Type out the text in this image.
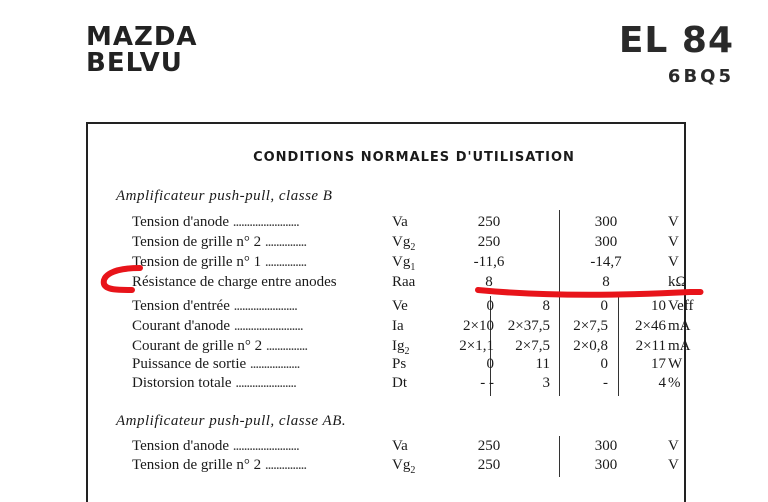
MAZDA
BELVU
EL 84
6BQ5
CONDITIONS NORMALES D'UTILISATION
Amplificateur push-pull, classe B
Tension d'anode ........................	Va	250	300	V
Tension de grille n° 2 ...............	$Vg_2$	250	300	V
Tension de grille n° 1 ...............	$Vg_1$	-11,6	-14,7	V
Résistance de charge entre anodes	Raa	8	8	kΩ
Tension d'entrée .......................	Ve	0	8	0	10 Veff
Courant d'anode .........................	Ia	2×10 2×37,5	2×7,5	2×46 mA
Courant de grille n° 2 ...............	$Ig_2$	2×1,1	2×7,5	2×0,8	2×11 mA
Puissance de sortie ..................	Ps	0	11	0	17 W
Distorsion totale ......................	Dt	- -	3	-	4 %
Amplificateur push-pull, classe AB.
Tension d'anode ........................	Va	250	300	V
Tension de grille n° 2 ...............	$Vg_2$	250	300	V
